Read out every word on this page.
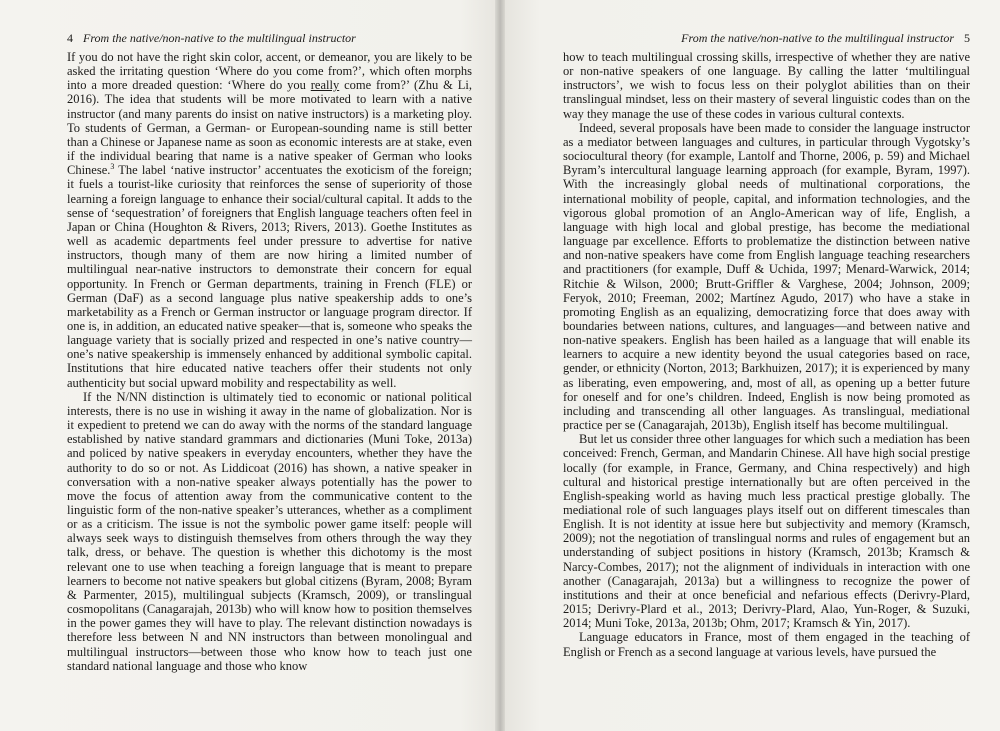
4 From the native/non-native to the multilingual instructor

If you do not have the right skin color, accent, or demeanor, you are likely to be asked the irritating question ‘Where do you come from?’, which often morphs into a more dreaded question: ‘Where do you really come from?’ (Zhu & Li, 2016). The idea that students will be more motivated to learn with a native instructor (and many parents do insist on native instructors) is a marketing ploy. To students of German, a German- or European-sounding name is still better than a Chinese or Japanese name as soon as economic interests are at stake, even if the individual bearing that name is a native speaker of German who looks Chinese.$^3$ The label ‘native instructor’ accentuates the exoticism of the foreign; it fuels a tourist-like curiosity that reinforces the sense of superiority of those learning a foreign language to enhance their social/cultural capital. It adds to the sense of ‘sequestration’ of foreigners that English language teachers often feel in Japan or China (Houghton & Rivers, 2013; Rivers, 2013). Goethe Institutes as well as academic departments feel under pressure to advertise for native instructors, though many of them are now hiring a limited number of multilingual near-native instructors to demonstrate their concern for equal opportunity. In French or German departments, training in French (FLE) or German (DaF) as a second language plus native speakership adds to one’s marketability as a French or German instructor or language program director. If one is, in addition, an educated native speaker—that is, someone who speaks the language variety that is socially prized and respected in one’s native country—one’s native speakership is immensely enhanced by additional symbolic capital. Institutions that hire educated native teachers offer their students not only authenticity but social upward mobility and respectability as well.

If the N/NN distinction is ultimately tied to economic or national political interests, there is no use in wishing it away in the name of globalization. Nor is it expedient to pretend we can do away with the norms of the standard language established by native standard grammars and dictionaries (Muni Toke, 2013a) and policed by native speakers in everyday encounters, whether they have the authority to do so or not. As Liddicoat (2016) has shown, a native speaker in conversation with a non-native speaker always potentially has the power to move the focus of attention away from the communicative content to the linguistic form of the non-native speaker’s utterances, whether as a compliment or as a criticism. The issue is not the symbolic power game itself: people will always seek ways to distinguish themselves from others through the way they talk, dress, or behave. The question is whether this dichotomy is the most relevant one to use when teaching a foreign language that is meant to prepare learners to become not native speakers but global citizens (Byram, 2008; Byram & Parmenter, 2015), multilingual subjects (Kramsch, 2009), or translingual cosmopolitans (Canagarajah, 2013b) who will know how to position themselves in the power games they will have to play. The relevant distinction nowadays is therefore less between N and NN instructors than between monolingual and multilingual instructors—between those who know how to teach just one standard national language and those who know

From the native/non-native to the multilingual instructor 5

how to teach multilingual crossing skills, irrespective of whether they are native or non-native speakers of one language. By calling the latter ‘multilingual instructors’, we wish to focus less on their polyglot abilities than on their translingual mindset, less on their mastery of several linguistic codes than on the way they manage the use of these codes in various cultural contexts.

Indeed, several proposals have been made to consider the language instructor as a mediator between languages and cultures, in particular through Vygotsky’s sociocultural theory (for example, Lantolf and Thorne, 2006, p. 59) and Michael Byram’s intercultural language learning approach (for example, Byram, 1997). With the increasingly global needs of multinational corporations, the international mobility of people, capital, and information technologies, and the vigorous global promotion of an Anglo-American way of life, English, a language with high local and global prestige, has become the mediational language par excellence. Efforts to problematize the distinction between native and non-native speakers have come from English language teaching researchers and practitioners (for example, Duff & Uchida, 1997; Menard-Warwick, 2014; Ritchie & Wilson, 2000; Brutt-Griffler & Varghese, 2004; Johnson, 2009; Feryok, 2010; Freeman, 2002; Martínez Agudo, 2017) who have a stake in promoting English as an equalizing, democratizing force that does away with boundaries between nations, cultures, and languages—and between native and non-native speakers. English has been hailed as a language that will enable its learners to acquire a new identity beyond the usual categories based on race, gender, or ethnicity (Norton, 2013; Barkhuizen, 2017); it is experienced by many as liberating, even empowering, and, most of all, as opening up a better future for oneself and for one’s children. Indeed, English is now being promoted as including and transcending all other languages. As translingual, mediational practice per se (Canagarajah, 2013b), English itself has become multilingual.

But let us consider three other languages for which such a mediation has been conceived: French, German, and Mandarin Chinese. All have high social prestige locally (for example, in France, Germany, and China respectively) and high cultural and historical prestige internationally but are often perceived in the English-speaking world as having much less practical prestige globally. The mediational role of such languages plays itself out on different timescales than English. It is not identity at issue here but subjectivity and memory (Kramsch, 2009); not the negotiation of translingual norms and rules of engagement but an understanding of subject positions in history (Kramsch, 2013b; Kramsch & Narcy-Combes, 2017); not the alignment of individuals in interaction with one another (Canagarajah, 2013a) but a willingness to recognize the power of institutions and their at once beneficial and nefarious effects (Derivry-Plard, 2015; Derivry-Plard et al., 2013; Derivry-Plard, Alao, Yun-Roger, & Suzuki, 2014; Muni Toke, 2013a, 2013b; Ohm, 2017; Kramsch & Yin, 2017).

Language educators in France, most of them engaged in the teaching of English or French as a second language at various levels, have pursued the
